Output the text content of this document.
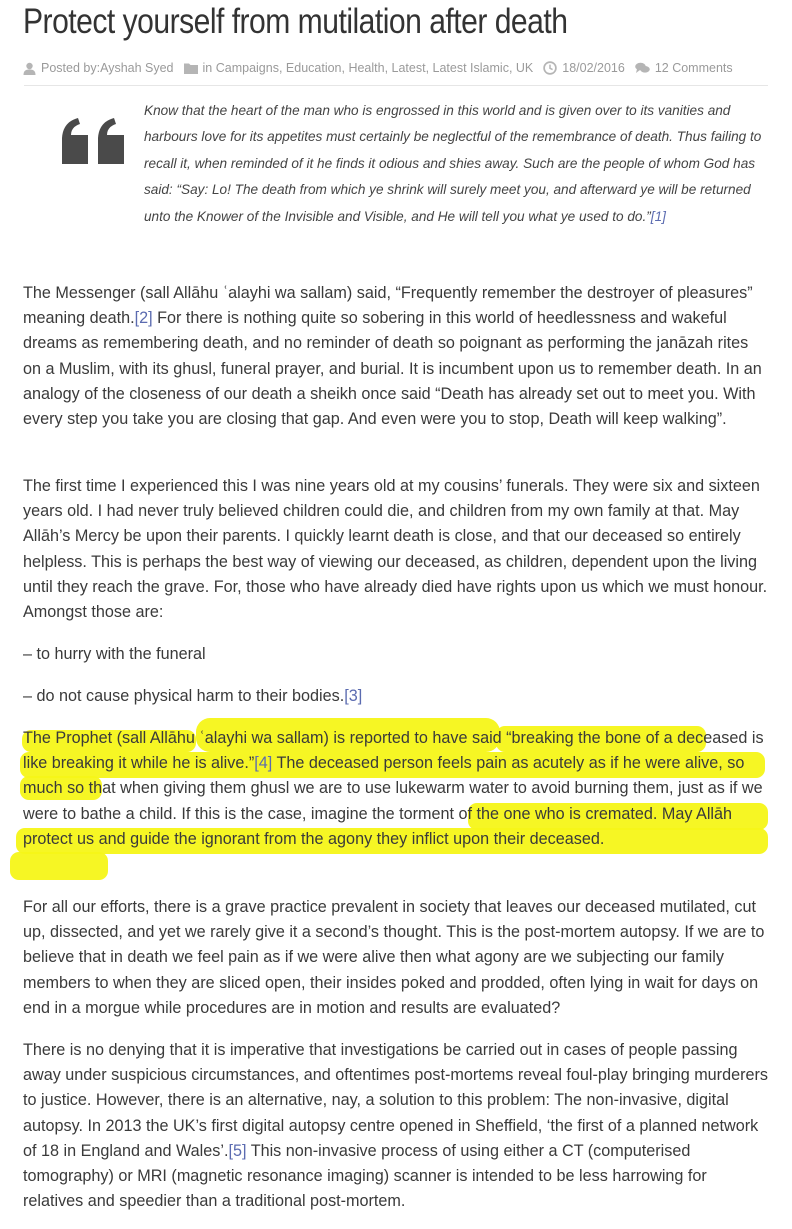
Protect yourself from mutilation after death
Posted by: Ayshah Syed in
Campaigns, Education, Health, Latest, Latest Islamic, UK 18/02/2016 12 Comments
Know that the heart of the man who is engrossed in this world and is given over to its vanities and harbours love for its appetites must certainly be neglectful of the remembrance of death. Thus failing to recall it, when reminded of it he finds it odious and shies away. Such are the people of whom God has said: “Say: Lo! The death from which ye shrink will surely meet you, and afterward ye will be returned unto the Knower of the Invisible and Visible, and He will tell you what ye used to do.”[1]

The Messenger (sall Allāhu ʿalayhi wa sallam) said, “Frequently remember the destroyer of pleasures” meaning death.[2] For there is nothing quite so sobering in this world of heedlessness and wakeful dreams as remembering death, and no reminder of death so poignant as performing the janāzah rites on a Muslim, with its ghusl, funeral prayer, and burial. It is incumbent upon us to remember death. In an analogy of the closeness of our death a sheikh once said “Death has already set out to meet you. With every step you take you are closing that gap. And even were you to stop, Death will keep walking”.

The first time I experienced this I was nine years old at my cousins’ funerals. They were six and sixteen years old. I had never truly believed children could die, and children from my own family at that. May Allāh’s Mercy be upon their parents. I quickly learnt death is close, and that our deceased so entirely helpless. This is perhaps the best way of viewing our deceased, as children, dependent upon the living until they reach the grave. For, those who have already died have rights upon us which we must honour. Amongst those are:

– to hurry with the funeral

– do not cause physical harm to their bodies.[3]

The Prophet (sall Allāhu ʿalayhi wa sallam) is reported to have said “breaking the bone of a deceased is like breaking it while he is alive.”[4] The deceased person feels pain as acutely as if he were alive, so much so that when giving them ghusl we are to use lukewarm water to avoid burning them, just as if we were to bathe a child. If this is the case, imagine the torment of the one who is cremated. May Allāh protect us and guide the ignorant from the agony they inflict upon their deceased.

For all our efforts, there is a grave practice prevalent in society that leaves our deceased mutilated, cut up, dissected, and yet we rarely give it a second’s thought. This is the post-mortem autopsy. If we are to believe that in death we feel pain as if we were alive then what agony are we subjecting our family members to when they are sliced open, their insides poked and prodded, often lying in wait for days on end in a morgue while procedures are in motion and results are evaluated?

There is no denying that it is imperative that investigations be carried out in cases of people passing away under suspicious circumstances, and oftentimes post-mortems reveal foul-play bringing murderers to justice. However, there is an alternative, nay, a solution to this problem: The non-invasive, digital autopsy. In 2013 the UK’s first digital autopsy centre opened in Sheffield, ‘the first of a planned network of 18 in England and Wales’.[5] This non-invasive process of using either a CT (computerised tomography) or MRI (magnetic resonance imaging) scanner is intended to be less harrowing for relatives and speedier than a traditional post-mortem.
